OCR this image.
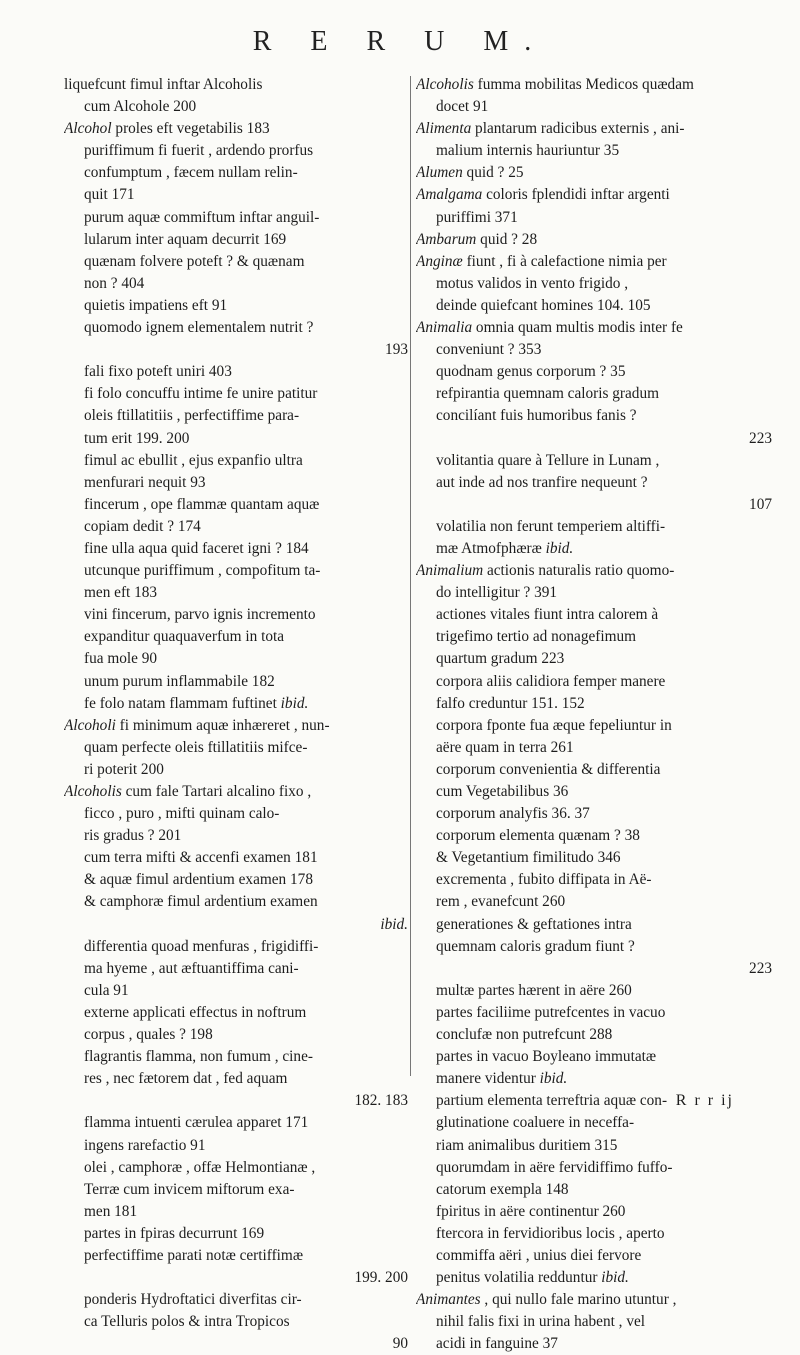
R E R U M.
liquefcunt fimul inftar Alcoholis
cum Alcohole 200
Alcohol proles eft vegetabilis 183
puriffimum fi fuerit , ardendo prorfus
confumptum , fæcem nullam relin-
quit 171
purum aquæ commiftum inftar anguil-
lularum inter aquam decurrit 169
quænam folvere poteft ? & quænam
non ? 404
quietis impatiens eft 91
quomodo ignem elementalem nutrit ?
193
fali fixo poteft uniri 403
fi folo concuffu intime fe unire patitur
oleis ftillatitiis , perfectiffime para-
tum erit 199. 200
fimul ac ebullit , ejus expanfio ultra
menfurari nequit 93
fincerum , ope flammæ quantam aquæ
copiam dedit ? 174
fine ulla aqua quid faceret igni ? 184
utcunque puriffimum , compofitum ta-
men eft 183
vini fincerum, parvo ignis incremento
expanditur quaquaverfum in tota
fua mole 90
unum purum inflammabile 182
fe folo natam flammam fuftinet ibid.
Alcoholi fi minimum aquæ inhæreret , nun-
quam perfecte oleis ftillatitiis mifce-
ri poterit 200
Alcoholis cum fale Tartari alcalino fixo ,
ficco , puro , mifti quinam calo-
ris gradus ? 201
cum terra mifti & accenfi examen 181
& aquæ fimul ardentium examen 178
& camphoræ fimul ardentium examen
ibid.
differentia quoad menfuras , frigidiffi-
ma hyeme , aut æftuantiffima cani-
cula 91
externe applicati effectus in noftrum
corpus , quales ? 198
flagrantis flamma, non fumum , cine-
res , nec fætorem dat , fed aquam
182. 183
flamma intuenti cærulea apparet 171
ingens rarefactio 91
olei , camphoræ , offæ Helmontianæ ,
Terræ cum invicem miftorum exa-
men 181
partes in fpiras decurrunt 169
perfectiffime parati notæ certiffimæ
199. 200
ponderis Hydroftatici diverfitas cir-
ca Telluris polos & intra Tropicos
90
Alcoholis fumma mobilitas Medicos quædam
docet 91
Alimenta plantarum radicibus externis , ani-
malium internis hauriuntur 35
Alumen quid ? 25
Amalgama coloris fplendidi inftar argenti
puriffimi 371
Ambarum quid ? 28
Anginæ fiunt , fi à calefactione nimia per
motus validos in vento frigido ,
deinde quiefcant homines 104. 105
Animalia omnia quam multis modis inter fe
conveniunt ? 353
quodnam genus corporum ? 35
refpirantia quemnam caloris gradum
concilíant fuis humoribus fanis ?
223
volitantia quare à Tellure in Lunam ,
aut inde ad nos tranfire nequeunt ?
107
volatilia non ferunt temperiem altiffi-
mæ Atmofphæræ ibid.
Animalium actionis naturalis ratio quomo-
do intelligitur ? 391
actiones vitales fiunt intra calorem à
trigefimo tertio ad nonagefimum
quartum gradum 223
corpora aliis calidiora femper manere
falfo creduntur 151. 152
corpora fponte fua æque fepeliuntur in
aëre quam in terra 261
corporum convenientia & differentia
cum Vegetabilibus 36
corporum analyfis 36. 37
corporum elementa quænam ? 38
& Vegetantium fimilitudo 346
excrementa , fubito diffipata in Aë-
rem , evanefcunt 260
generationes & geftationes intra
quemnam caloris gradum fiunt ?
223
multæ partes hærent in aëre 260
partes faciliime putrefcentes in vacuo
conclufæ non putrefcunt 288
partes in vacuo Boyleano immutatæ
manere videntur ibid.
partium elementa terreftria aquæ con-
glutinatione coaluere in neceffa-
riam animalibus duritiem 315
quorumdam in aëre fervidiffimo fuffo-
catorum exempla 148
fpiritus in aëre continentur 260
ftercora in fervidioribus locis , aperto
commiffa aëri , unius diei fervore
penitus volatilia redduntur ibid.
Animantes , qui nullo fale marino utuntur ,
nihil falis fixi in urina habent , vel
acidi in fanguine 37
R r r ij
